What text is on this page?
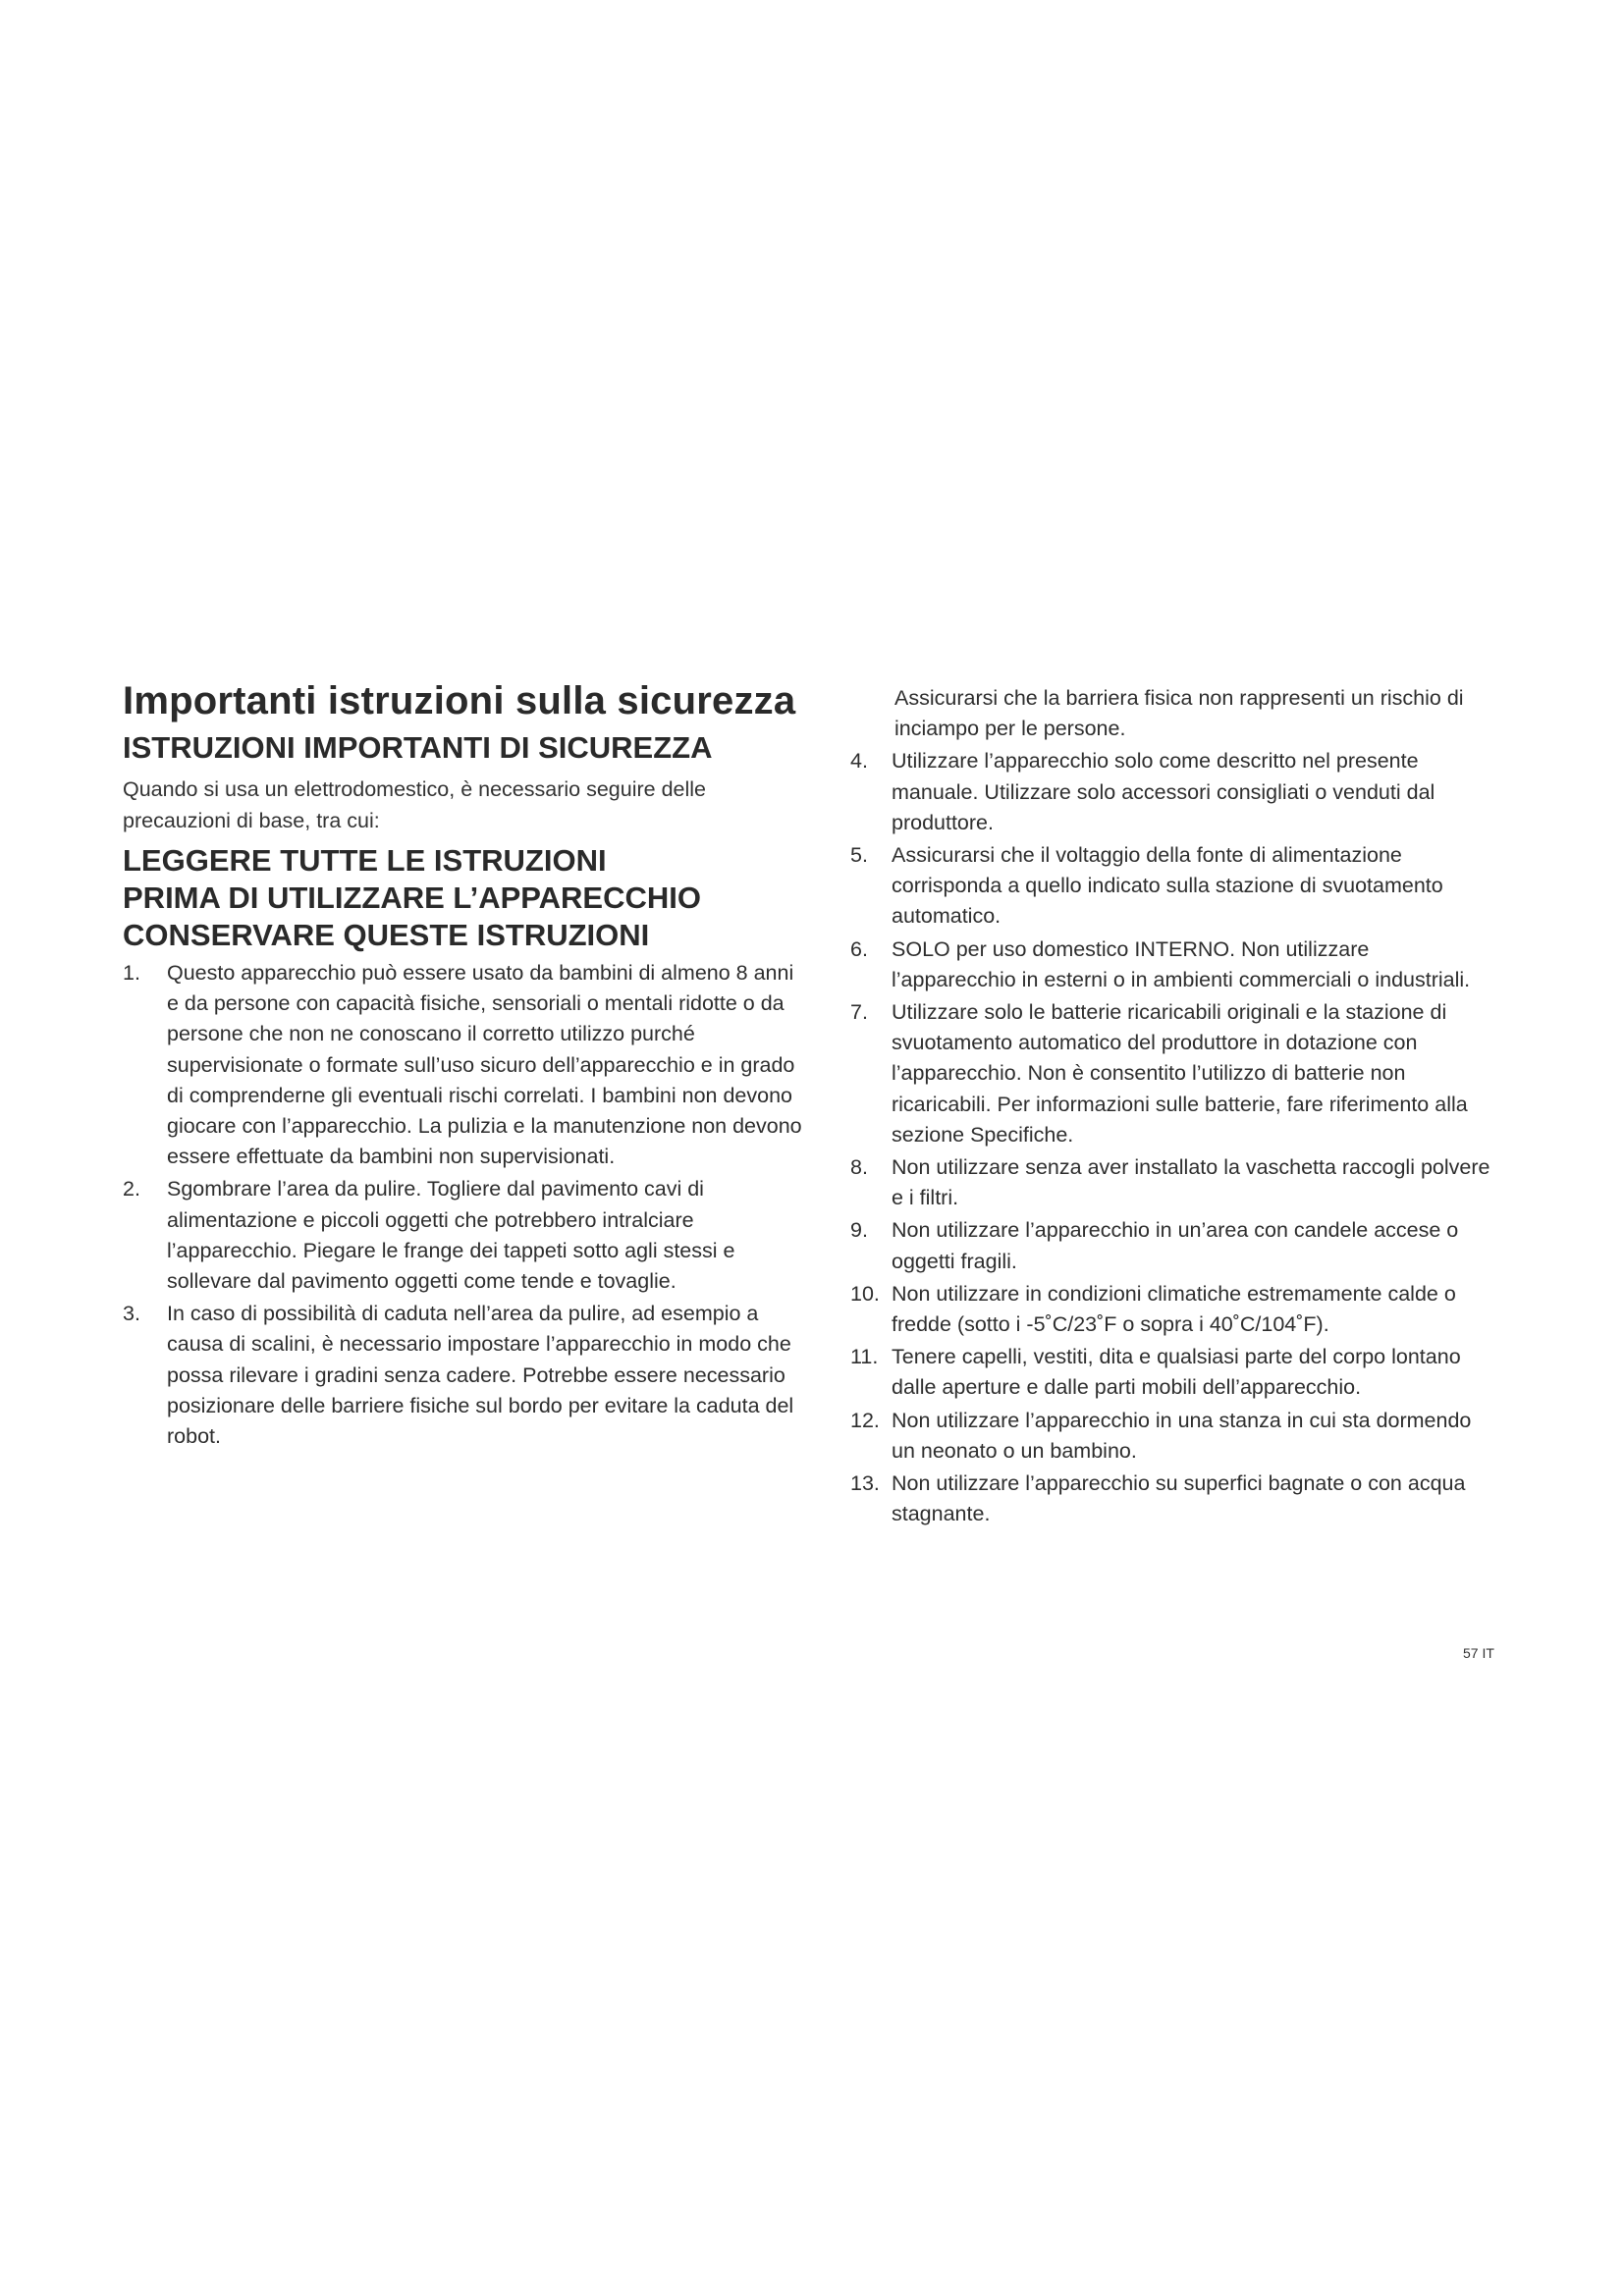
Importanti istruzioni sulla sicurezza
ISTRUZIONI IMPORTANTI DI SICUREZZA

Quando si usa un elettrodomestico, è necessario seguire delle precauzioni di base, tra cui:

LEGGERE TUTTE LE ISTRUZIONI
PRIMA DI UTILIZZARE L’APPARECCHIO
CONSERVARE QUESTE ISTRUZIONI
1. Questo apparecchio può essere usato da bambini di almeno 8 anni e da persone con capacità fisiche, sensoriali o mentali ridotte o da persone che non ne conoscano il corretto utilizzo purché supervisionate o formate sull’uso sicuro dell’apparecchio e in grado di comprenderne gli eventuali rischi correlati. I bambini non devono giocare con l’apparecchio. La pulizia e la manutenzione non devono essere effettuate da bambini non supervisionati.
2. Sgombrare l’area da pulire. Togliere dal pavimento cavi di alimentazione e piccoli oggetti che potrebbero intralciare l’apparecchio. Piegare le frange dei tappeti sotto agli stessi e sollevare dal pavimento oggetti come tende e tovaglie.
3. In caso di possibilità di caduta nell’area da pulire, ad esempio a causa di scalini, è necessario impostare l’apparecchio in modo che possa rilevare i gradini senza cadere. Potrebbe essere necessario posizionare delle barriere fisiche sul bordo per evitare la caduta del robot.
Assicurarsi che la barriera fisica non rappresenti un rischio di inciampo per le persone.
4. Utilizzare l’apparecchio solo come descritto nel presente manuale. Utilizzare solo accessori consigliati o venduti dal produttore.
5. Assicurarsi che il voltaggio della fonte di alimentazione corrisponda a quello indicato sulla stazione di svuotamento automatico.
6. SOLO per uso domestico INTERNO. Non utilizzare l’apparecchio in esterni o in ambienti commerciali o industriali.
7. Utilizzare solo le batterie ricaricabili originali e la stazione di svuotamento automatico del produttore in dotazione con l’apparecchio. Non è consentito l’utilizzo di batterie non ricaricabili. Per informazioni sulle batterie, fare riferimento alla sezione Specifiche.
8. Non utilizzare senza aver installato la vaschetta raccogli polvere e i filtri.
9. Non utilizzare l’apparecchio in un’area con candele accese o oggetti fragili.
10. Non utilizzare in condizioni climatiche estremamente calde o fredde (sotto i -5˚C/23˚F o sopra i 40˚C/104˚F).
11. Tenere capelli, vestiti, dita e qualsiasi parte del corpo lontano dalle aperture e dalle parti mobili dell’apparecchio.
12. Non utilizzare l’apparecchio in una stanza in cui sta dormendo un neonato o un bambino.
13. Non utilizzare l’apparecchio su superfici bagnate o con acqua stagnante.
57 IT
